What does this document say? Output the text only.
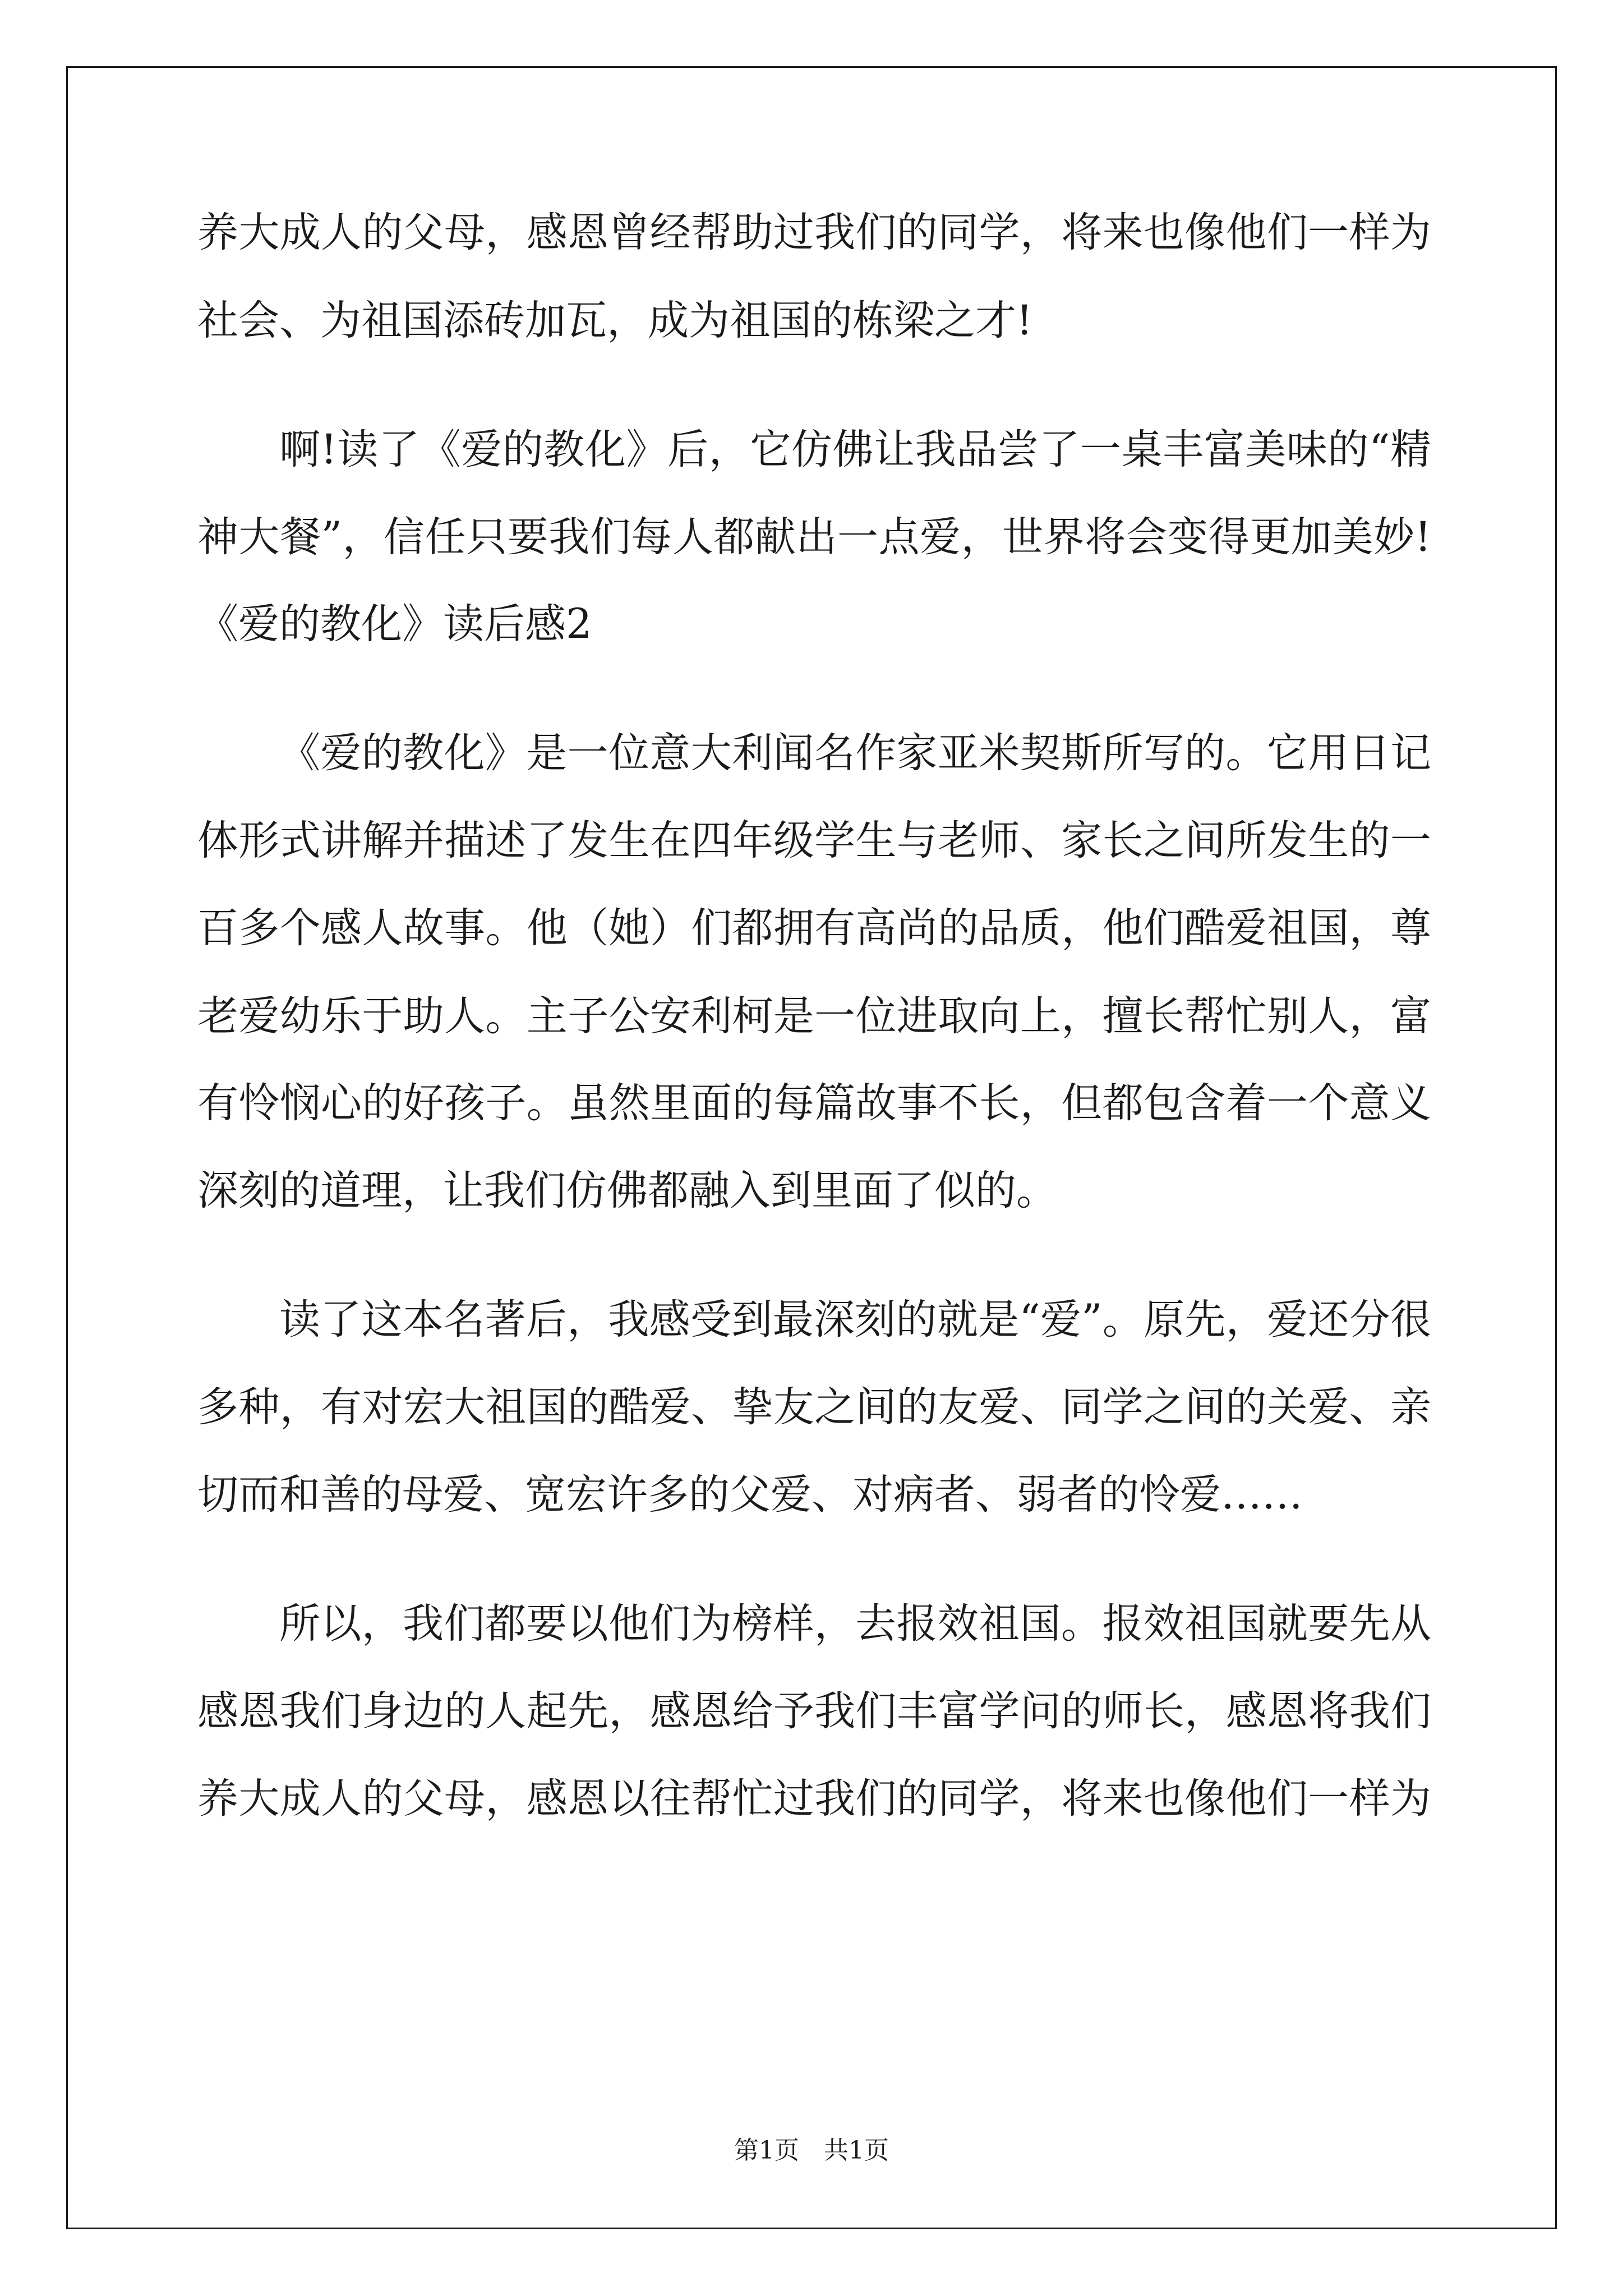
养大成人的父母，感恩曾经帮助过我们的同学，将来也像他们一样为
社会、为祖国添砖加瓦，成为祖国的栋梁之才!
啊!读了《爱的教化》后，它仿佛让我品尝了一桌丰富美味的“精
神大餐”，信任只要我们每人都献出一点爱，世界将会变得更加美妙!
《爱的教化》读后感2
《爱的教化》是一位意大利闻名作家亚米契斯所写的。它用日记
体形式讲解并描述了发生在四年级学生与老师、家长之间所发生的一
百多个感人故事。他（她）们都拥有高尚的品质，他们酷爱祖国，尊
老爱幼乐于助人。主子公安利柯是一位进取向上，擅长帮忙别人，富
有怜悯心的好孩子。虽然里面的每篇故事不长，但都包含着一个意义
深刻的道理，让我们仿佛都融入到里面了似的。
读了这本名著后，我感受到最深刻的就是“爱”。原先，爱还分很
多种，有对宏大祖国的酷爱、挚友之间的友爱、同学之间的关爱、亲
切而和善的母爱、宽宏许多的父爱、对病者、弱者的怜爱……
所以，我们都要以他们为榜样，去报效祖国。报效祖国就要先从
感恩我们身边的人起先，感恩给予我们丰富学问的师长，感恩将我们
养大成人的父母，感恩以往帮忙过我们的同学，将来也像他们一样为
第1页　共1页
